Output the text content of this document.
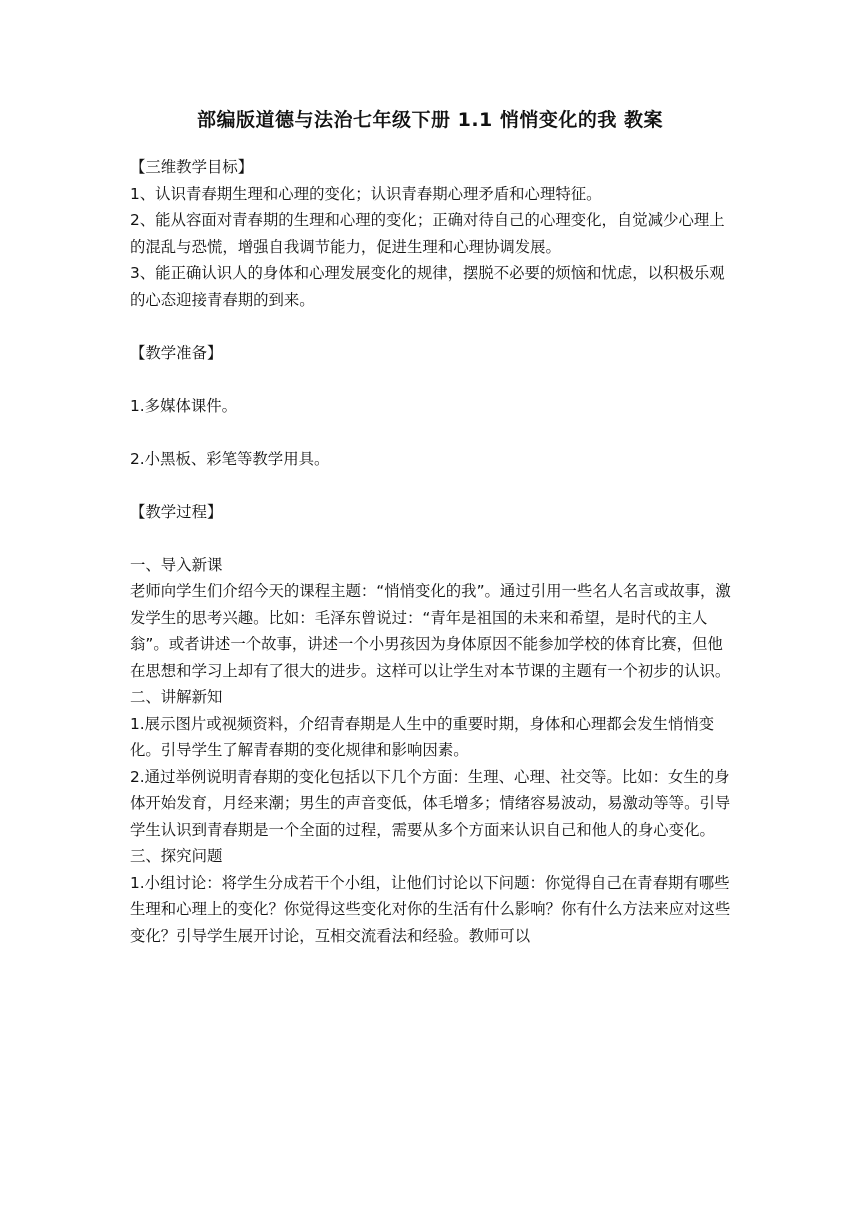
部编版道德与法治七年级下册 1.1 悄悄变化的我 教案

【三维教学目标】

1、认识青春期生理和心理的变化；认识青春期心理矛盾和心理特征。

2、能从容面对青春期的生理和心理的变化；正确对待自己的心理变化，自觉减少心理上的混乱与恐慌，增强自我调节能力，促进生理和心理协调发展。

3、能正确认识人的身体和心理发展变化的规律，摆脱不必要的烦恼和忧虑，以积极乐观的心态迎接青春期的到来。

【教学准备】

1.多媒体课件。

2.小黑板、彩笔等教学用具。

【教学过程】

一、导入新课

老师向学生们介绍今天的课程主题：“悄悄变化的我”。通过引用一些名人名言或故事，激发学生的思考兴趣。比如：毛泽东曾说过：“青年是祖国的未来和希望，是时代的主人翁”。或者讲述一个故事，讲述一个小男孩因为身体原因不能参加学校的体育比赛，但他在思想和学习上却有了很大的进步。这样可以让学生对本节课的主题有一个初步的认识。

二、讲解新知

1.展示图片或视频资料，介绍青春期是人生中的重要时期，身体和心理都会发生悄悄变化。引导学生了解青春期的变化规律和影响因素。

2.通过举例说明青春期的变化包括以下几个方面：生理、心理、社交等。比如：女生的身体开始发育，月经来潮；男生的声音变低，体毛增多；情绪容易波动，易激动等等。引导学生认识到青春期是一个全面的过程，需要从多个方面来认识自己和他人的身心变化。

三、探究问题

1.小组讨论：将学生分成若干个小组，让他们讨论以下问题：你觉得自己在青春期有哪些生理和心理上的变化？你觉得这些变化对你的生活有什么影响？你有什么方法来应对这些变化？引导学生展开讨论，互相交流看法和经验。教师可以
